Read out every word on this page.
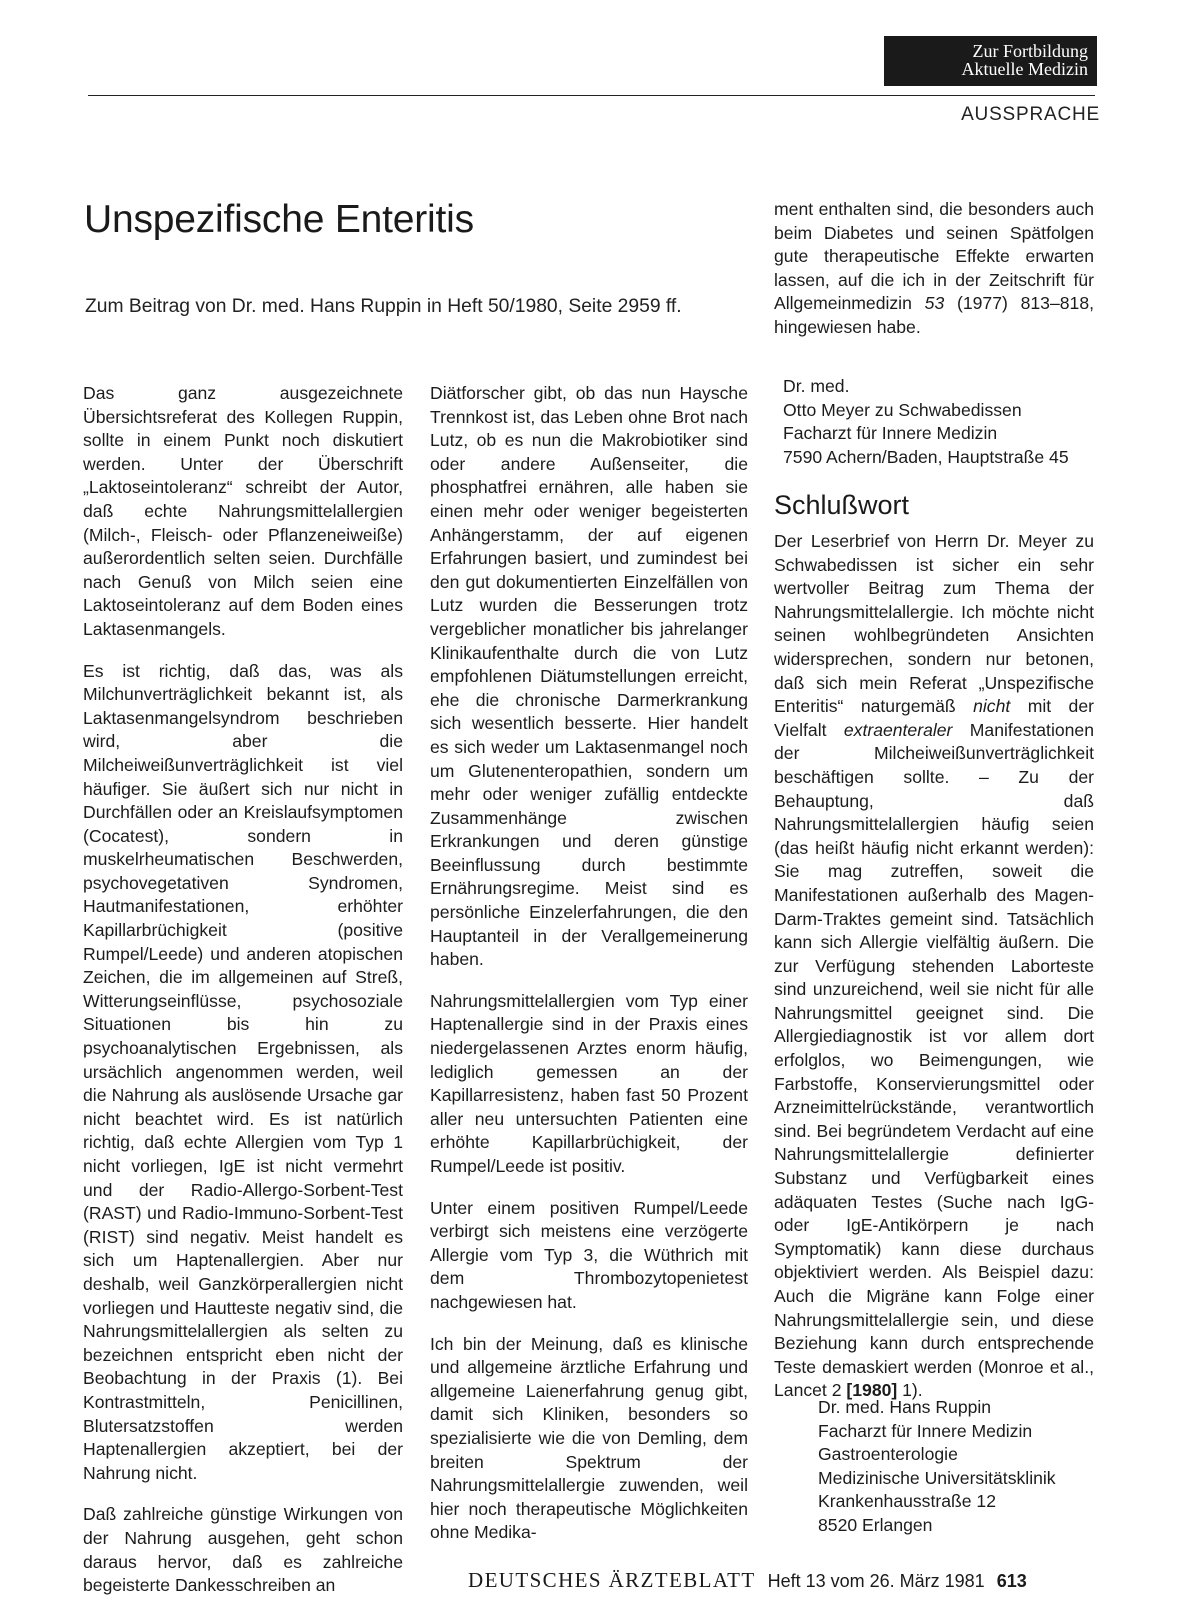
Zur Fortbildung
Aktuelle Medizin
AUSSPRACHE
Unspezifische Enteritis
Zum Beitrag von Dr. med. Hans Ruppin in Heft 50/1980, Seite 2959 ff.

Das ganz ausgezeichnete Übersichtsreferat des Kollegen Ruppin, sollte in einem Punkt noch diskutiert werden. Unter der Überschrift „Laktoseintoleranz“ schreibt der Autor, daß echte Nahrungsmittelallergien (Milch-, Fleisch- oder Pflanzeneiweiße) außerordentlich selten seien. Durchfälle nach Genuß von Milch seien eine Laktoseintoleranz auf dem Boden eines Laktasenmangels.

Es ist richtig, daß das, was als Milchunverträglichkeit bekannt ist, als Laktasenmangelsyndrom beschrieben wird, aber die Milcheiweißunverträglichkeit ist viel häufiger. Sie äußert sich nur nicht in Durchfällen oder an Kreislaufsymptomen (Cocatest), sondern in muskelrheumatischen Beschwerden, psychovegetativen Syndromen, Hautmanifestationen, erhöhter Kapillarbrüchigkeit (positive Rumpel/Leede) und anderen atopischen Zeichen, die im allgemeinen auf Streß, Witterungseinflüsse, psychosoziale Situationen bis hin zu psychoanalytischen Ergebnissen, als ursächlich angenommen werden, weil die Nahrung als auslösende Ursache gar nicht beachtet wird. Es ist natürlich richtig, daß echte Allergien vom Typ 1 nicht vorliegen, IgE ist nicht vermehrt und der Radio-Allergo-Sorbent-Test (RAST) und Radio-Immuno-Sorbent-Test (RIST) sind negativ. Meist handelt es sich um Haptenallergien. Aber nur deshalb, weil Ganzkörperallergien nicht vorliegen und Hautteste negativ sind, die Nahrungsmittelallergien als selten zu bezeichnen entspricht eben nicht der Beobachtung in der Praxis (1). Bei Kontrastmitteln, Penicillinen, Blutersatzstoffen werden Haptenallergien akzeptiert, bei der Nahrung nicht.

Daß zahlreiche günstige Wirkungen von der Nahrung ausgehen, geht schon daraus hervor, daß es zahlreiche begeisterte Dankesschreiben an

Diätforscher gibt, ob das nun Haysche Trennkost ist, das Leben ohne Brot nach Lutz, ob es nun die Makrobiotiker sind oder andere Außenseiter, die phosphatfrei ernähren, alle haben sie einen mehr oder weniger begeisterten Anhängerstamm, der auf eigenen Erfahrungen basiert, und zumindest bei den gut dokumentierten Einzelfällen von Lutz wurden die Besserungen trotz vergeblicher monatlicher bis jahrelanger Klinikaufenthalte durch die von Lutz empfohlenen Diätumstellungen erreicht, ehe die chronische Darmerkrankung sich wesentlich besserte. Hier handelt es sich weder um Laktasenmangel noch um Glutenenteropathien, sondern um mehr oder weniger zufällig entdeckte Zusammenhänge zwischen Erkrankungen und deren günstige Beeinflussung durch bestimmte Ernährungsregime. Meist sind es persönliche Einzelerfahrungen, die den Hauptanteil in der Verallgemeinerung haben.

Nahrungsmittelallergien vom Typ einer Haptenallergie sind in der Praxis eines niedergelassenen Arztes enorm häufig, lediglich gemessen an der Kapillarresistenz, haben fast 50 Prozent aller neu untersuchten Patienten eine erhöhte Kapillarbrüchigkeit, der Rumpel/Leede ist positiv.

Unter einem positiven Rumpel/Leede verbirgt sich meistens eine verzögerte Allergie vom Typ 3, die Wüthrich mit dem Thrombozytopenietest nachgewiesen hat.

Ich bin der Meinung, daß es klinische und allgemeine ärztliche Erfahrung und allgemeine Laienerfahrung genug gibt, damit sich Kliniken, besonders so spezialisierte wie die von Demling, dem breiten Spektrum der Nahrungsmittelallergie zuwenden, weil hier noch therapeutische Möglichkeiten ohne Medika-

ment enthalten sind, die besonders auch beim Diabetes und seinen Spätfolgen gute therapeutische Effekte erwarten lassen, auf die ich in der Zeitschrift für Allgemeinmedizin 53 (1977) 813–818, hingewiesen habe.

Dr. med.
Otto Meyer zu Schwabedissen
Facharzt für Innere Medizin
7590 Achern/Baden, Hauptstraße 45
Schlußwort

Der Leserbrief von Herrn Dr. Meyer zu Schwabedissen ist sicher ein sehr wertvoller Beitrag zum Thema der Nahrungsmittelallergie. Ich möchte nicht seinen wohlbegründeten Ansichten widersprechen, sondern nur betonen, daß sich mein Referat „Unspezifische Enteritis“ naturgemäß nicht mit der Vielfalt extraenteraler Manifestationen der Milcheiweißunverträglichkeit beschäftigen sollte. – Zu der Behauptung, daß Nahrungsmittelallergien häufig seien (das heißt häufig nicht erkannt werden): Sie mag zutreffen, soweit die Manifestationen außerhalb des Magen-Darm-Traktes gemeint sind. Tatsächlich kann sich Allergie vielfältig äußern. Die zur Verfügung stehenden Laborteste sind unzureichend, weil sie nicht für alle Nahrungsmittel geeignet sind. Die Allergiediagnostik ist vor allem dort erfolglos, wo Beimengungen, wie Farbstoffe, Konservierungsmittel oder Arzneimittelrückstände, verantwortlich sind. Bei begründetem Verdacht auf eine Nahrungsmittelallergie definierter Substanz und Verfügbarkeit eines adäquaten Testes (Suche nach IgG- oder IgE-Antikörpern je nach Symptomatik) kann diese durchaus objektiviert werden. Als Beispiel dazu: Auch die Migräne kann Folge einer Nahrungsmittelallergie sein, und diese Beziehung kann durch entsprechende Teste demaskiert werden (Monroe et al., Lancet 2 [1980] 1).

Dr. med. Hans Ruppin
Facharzt für Innere Medizin
Gastroenterologie
Medizinische Universitätsklinik
Krankenhausstraße 12
8520 Erlangen
DEUTSCHES ÄRZTEBLATT Heft 13 vom 26. März 1981 613
